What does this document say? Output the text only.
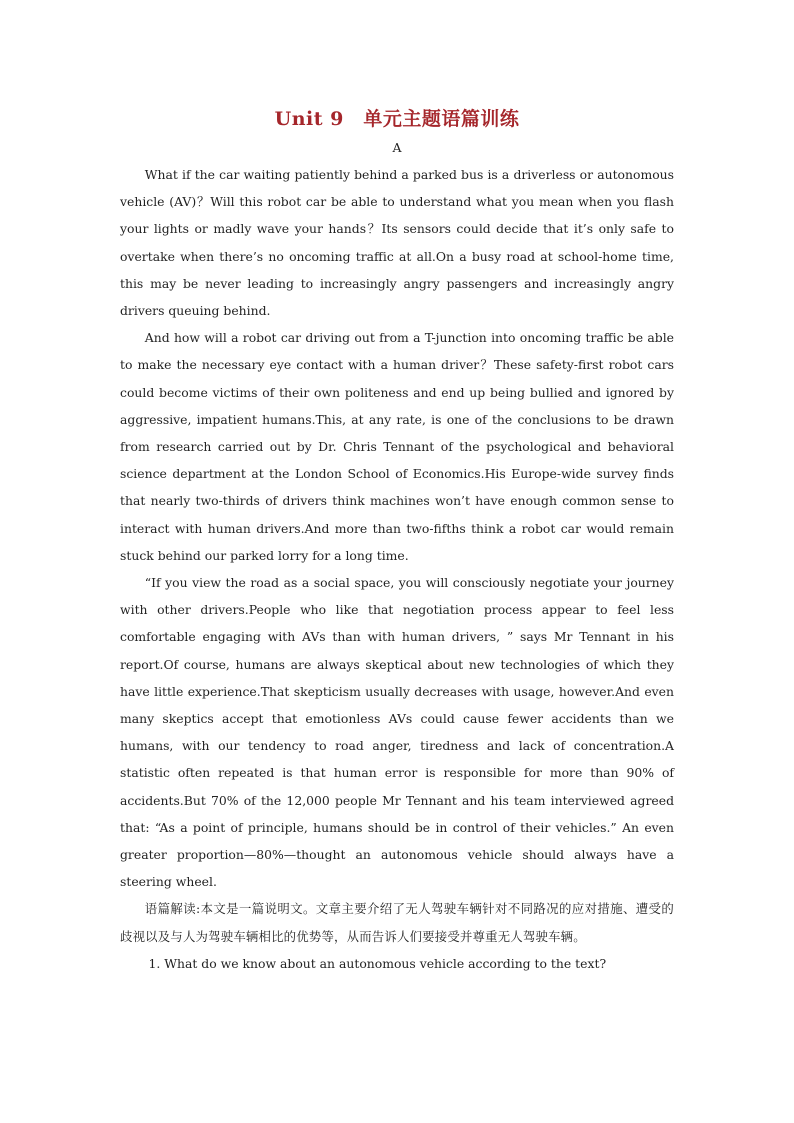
Unit 9　单元主题语篇训练
A

What if the car waiting patiently behind a parked bus is a driverless or autonomous vehicle (AV)？Will this robot car be able to understand what you mean when you flash your lights or madly wave your hands？Its sensors could decide that it’s only safe to overtake when there’s no oncoming traffic at all.On a busy road at school-home time, this may be never leading to increasingly angry passengers and increasingly angry drivers queuing behind.

And how will a robot car driving out from a T-junction into oncoming traffic be able to make the necessary eye contact with a human driver？These safety-first robot cars could become victims of their own politeness and end up being bullied and ignored by aggressive, impatient humans.This, at any rate, is one of the conclusions to be drawn from research carried out by Dr. Chris Tennant of the psychological and behavioral science department at the London School of Economics.His Europe-wide survey finds that nearly two-thirds of drivers think machines won’t have enough common sense to interact with human drivers.And more than two-fifths think a robot car would remain stuck behind our parked lorry for a long time.

“If you view the road as a social space, you will consciously negotiate your journey with other drivers.People who like that negotiation process appear to feel less comfortable engaging with AVs than with human drivers, ” says Mr Tennant in his report.Of course, humans are always skeptical about new technologies of which they have little experience.That skepticism usually decreases with usage, however.And even many skeptics accept that emotionless AVs could cause fewer accidents than we humans, with our tendency to road anger, tiredness and lack of concentration.A statistic often repeated is that human error is responsible for more than 90% of accidents.But 70% of the 12,000 people Mr Tennant and his team interviewed agreed that: “As a point of principle, humans should be in control of their vehicles.” An even greater proportion—80%—thought an autonomous vehicle should always have a steering wheel.

语篇解读:本文是一篇说明文。文章主要介绍了无人驾驶车辆针对不同路况的应对措施、遭受的歧视以及与人为驾驶车辆相比的优势等，从而告诉人们要接受并尊重无人驾驶车辆。

1. What do we know about an autonomous vehicle according to the text?
